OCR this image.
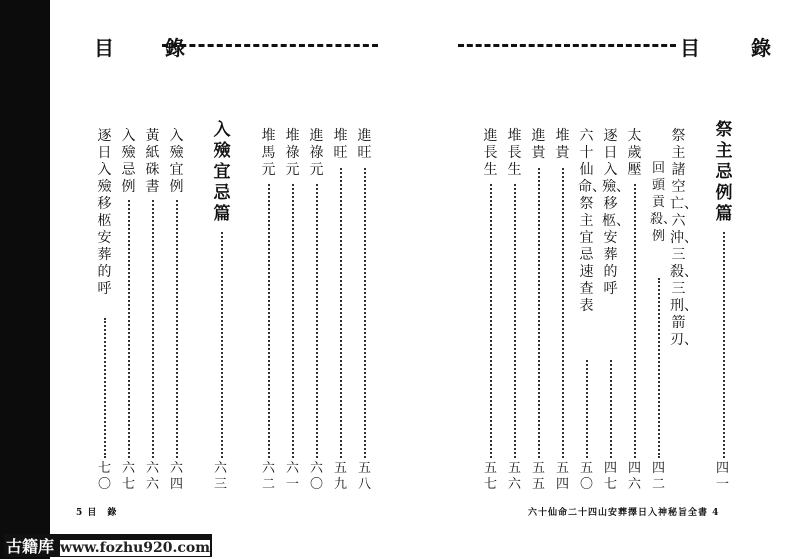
目 錄
進旺
五八
堆旺
五九
進祿元
六〇
堆祿元
六一
堆馬元
六二
入殮宜忌篇
六三
入殮宜例
六四
黃紙硃書
六六
入殮忌例
六七
逐日入殮移柩安葬的呼
七〇
5 目　錄
目 錄
祭主忌例篇
四一
祭主諸空亡、六沖、三殺、三刑、箭刃、
回頭貢殺、例
四二
太歲壓
四六
逐日入殮、移柩、安葬的呼
四七
六十仙命、祭主宜忌速查表
五〇
堆貴
五四
進貴
五五
堆長生
五六
進長生
五七
六十仙命二十四山安葬擇日入神秘旨全書 4
古籍库 www.fozhu920.com
